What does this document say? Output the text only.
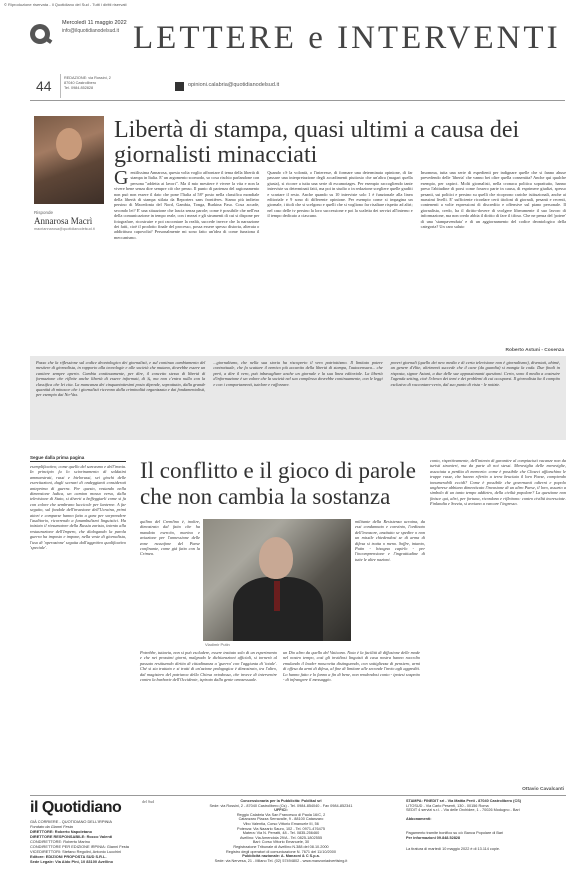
© Riproduzione riservata - Il Quotidiano del Sud - Tutti i diritti riservati
Mercoledì 11 maggio 2022
info@ilquotidianodelsud.it LETTERE e INTERVENTI
44	REDAZIONE: via Rossini, 2
87040 Castrolibero
Tel. 0984.852828	opinioni.calabria@quotidianodelsud.it
Risponde
Annarosa Macrì
macriannarosa@quotidianodelsud.it
Libertà di stampa, quasi ultimi a causa dei giornalisti minacciati
G entilissima Annarosa, questa volta voglio affrontare il tema della libertà di stampa in Italia. E' un argomento scomodo, so cosa rischio parlandone con persona "addetta ai lavori". Ma il mio mestiere è vivere la vita e non la vivere bene senza dire sempre ciò che penso. Il punto di partenza del ragionamento non può non essere il dato che pone l'Italia al 58° posto nella classifica mondiale della libertà di stampa stilata da Reporters sans frontières. Siamo più indietro persino di Macedonia del Nord, Gambia, Tonga, Burkina Faso. Cosa accade, secondo lei? E' una situazione che lascia senza parole; come è possibile che nell'era della comunicazione in tempo reale, con i mezzi e gli strumenti di cui si dispone per fotografare, ricostruire e poi raccontare la realtà, succede invece che la narrazione dei fatti, cioè il prodotto finale del processo, possa essere spesso distorta, alterata o addirittura capovolta? Personalmente mi sono fatto un'idea di come funziona il meccanismo.
Quando c'è la volontà, o l'interesse, di formare una determinata opinione, di far passare una interpretazione degli accadimenti piuttosto che un'altra (magari quella giusta), si ricorre a tutta una serie di escamotages. Per esempio raccogliendo tante interviste su determinati fatti, ma poi in studio o in redazione scegliere quelle graditi e scartare il resto. Anche quando su 10 interviste solo 1 è funzionale alla linea editoriale e 9 sono di differente opinione. Per esempio come si impagina un giornale, i titoli che si scelgono e quelli che si vogliono far risaltare rispetto ad altri; nel caso delle tv persino la loro successione e poi la scaletta dei servizi all'interno e il tempo dedicato a ciascuno.
Insomma, tutta una serie di espedienti per indignare quelle che si fanno ahuse prevedendo delle 'liberta' che vanno bei oltre quella consentita? Anche qui qualche esempio, per capirci. Molti giornalisti, nella cronaca politica soprattutto, hanno preso l'abitudine di porsi come fossero parte in causa, di esprimere giudizi, spesso pesanti, sui politici e persino su quelli che ricoprono cariche istituzionali, anche ai massimi livelli. E' sufficiente ricordare certi titoloni di giornali, pesanti e recenti, contenenti a volte espressioni di discredito e offensive sul piano personale. Il giornalista, credo, ha il diritto-dovere di svolgere liberamente il suo lavoro di informazione, ma non credo abbia il diritto di fare il tifoso. Che ne pensa del 'potere' di una 'stampavenduta' e di un aggiornamento del codice deontologico della categoria? Un caro saluto
Roberto Astuni - Cosenza
Passo che la riflessione sul codice deontologico dei giornalisti, e sul continuo cambiamento del mestiere di giornalista, in rapporto alla tecnologie e alle società che mutano, dovrebbe essere un cantiere sempre aperto. Cambia continuamente, per dire, il concetto stesso di libertà di formazione che riflette anche libertà di essere informati, di ¾, ma non c'entra nulla con la classifica che lei cita. La mancanza dei cinquantottesimi posto dipende, soprattutto, dalla grande quantità di minacce che i giornalisti ricevono dalla criminalità organizzata e dai fondamentalisti, per esempio dai No-Vax.
...giornalismo, che nella sua storia ha riscoperto il vero patriottismo. Il limitato potere contrattuale, che fa scattare il nemico più accanito della libertà di stampa, l'autocensura... che però, a dire il vero, può inbavagliare anche un giornale e la sua linea editoriale. La libertà d'informazione è un valore che la società nel suo complesso dovrebbe continuamente, con le leggi e con i comportamenti, tutelare e rafforzare.
poveri giornali (quello dei new media e di certa televisione non è giornalismo), diventati, ahimè, un genere d'élite, altrimenti succede che il cane (da guardia) si mangia la coda. Due finali in risposta, signor Astuni, a due delle sue appassionanti questioni. Certo, sono il media a costruire l'agenda setting, cioè l'elenco dei temi e dei problemi di cui occuparsi. Il giornalista ha il compito esclusivo di raccontare-certo, dal suo punto di vista - le notizie.
Segue dalla prima pagina
esemplificativo; come quello del sarcasmo e dell'ironia. In principio fu lo sciorinamento di soldatini ammaestrati, russi e bielorussi, sei giochi delle esercitazioni, dagli scenari di ondeggianti considerati anteprima di guerra. Per questo, restando nella dimensione ludica, un camion mosso verso, dalla televisione di Stato, si diverti a beffeggiarli come si fa con colore che sembrano luccicole per lanterne. A far seguito, sul fondale dell'invasione dell'Ucraina, primi attori e comparse hanno fatto a gara per sorprendere l'auditorio, ricorrendo a funambulismi linguistici. Ha iniziato il riesumatore della Russia zarista, intento alla restaurazione dell'Impero, che dialogando la parola guerra ha imposto e impone, nella veste di giornalista, l'uso di 'operazione' seguita dall'aggettivo qualificativo 'speciale'.
Il conflitto e il gioco di parole che non cambia la sostanza
quilino del Cremlino è, inoltre, dimostrato dal fatto che ha mandato esercito, marina e aviazione per l'annessione delle zone russofone del Paese confinante, come già fatto con la Crimea.
Vladimir Putin
militante della Resistenza ucraina, da essi condannato e convinto, l'ordinato dell'invasore, anzitutto se spedire o non un missile chiedendosi se di arma di difesa si tratta o meno. Soffre, intanto, Putin - bisogna capirlo - per l'incomprensione e l'ingratitudine di tutte le altre nazioni.
Potrebbe, tuttavia, non si può escludere, essere trattato solo di un esperimento e che nei prossimi giorni, malgrado le dichiarazioni ufficiali, si tornerà al passato restituendo diritto di cittadinanza a 'guerra' con l'aggiunta di 'totale'. Ché si sia trattato e si tratti di un'azione pedagogica è dimostrato, tra l'altro, dal magistero del patriarca della Chiesa ortodossa, che invece di intervenire contro la barbarie dell'Occidente, ispirato dalla gente omosessuale.
un Dio altro da quello del Vaticano. Nota è la facilità di diffusione delle mode nel nostro tempo, così gli invidiosi linguisti di casa nostra hanno raccolto emulando il leader moscovita distinguendo, con sottigliezza di pensiero, armi di offesa da armi di difesa, al fine di limitare alle seconde l'invio agli aggrediti. Lo hanno fatto e lo fanno a fin di bene, non rendendosi conto - ipotesi sospetto - di infrangere il messaggio.
conto, rispettivamente, dell'intento di garantire al compiaciuti vacanze non da turisti stranieri, ma da parte di noi stessi. Meraviglia delle meraviglie, associata a perdita di memoria: come è possibile che Closeci affianchino le truppe russe, che hanno riferito a terra bruciata il loro Paese, compiendo innumerabili eccidi? Come è possibile che governanti odierni e popolo ungherese abbiano dimenticato l'invasione di un altro Paese, il loro, assurto a simbolo di un tanto tempo addietro, della civiltà popolare? La questione non finisce qui, altri, per fortuna, ricordano e riflettono: contro civiltà incresciate. Finlandia e Svezia, si avviano a varcare l'ingresso.
Ottavio Cavalcanti
il Quotidiano	del Sud
GIÀ CORRIERE - QUOTIDIANO DELL'IRPINIA
Fondato da Gianni Festa
DIRETTORE: Roberto Napoletano
DIRETTORE RESPONSABILE: Rocco Valenti
CONDIRETTORE: Roberto Marino
CONDIRETTORE PER EDIZIONE IRPINIA: Gianni Festa
VICEDIRETTORI: Stefano Regolini, Antonio Lucchini
Editore: EDIZIONI PROPOSTA SUD S.R.L.
Sede Legale: Via Aldo Pini, 10 83100 Avellino
Concessionaria per la Pubblicità: Publikal srl
Sede: via Rossini, 2 - 87040 Castrolibero (Cs) - Tel. 0984-854040 - Fax 0984-852341
UFFICI:
Reggio Calabria Via San Francesco di Paola 16/C, 2
Catanzaro Piazza Serravalle, 9 - 88100 Catanzaro
Vibo Valentia, Corso Vittorio Emanuele III, 56
Potenza: Via Nazario Sauro, 102 - Tel. 0971-476475
Matera: Via N. Perratti, 48 - Tel. 0835-256460
Avellino: Via Amendola 29/A - Tel. 0825-1802555
Bari: Corso Vittorio Emanuele, 30
Registrazione Tribunale di Avellino N.388 del 08.10.2000
Registro degli operatori di comunicazione N. 7671 del 11/10/2000
Pubblicità nazionale: A. Manzoni & C S.p.a.
Sede: via Nervesa, 21 - Milano Tel. (02) 57494802 - www.manzoniadvertising.it
STAMPA: FINEDIT srl - Via Mattia Preti - 87040 Castrolibero (CS)
LITOSUD - Via Carlo Pesenti, 130 - 00156 Roma
SEDIT 4 servizi s.r.l. - Via delle Orchidee, 1 - 70026 Modugno - Bari
Abbonamenti:
Pagamento tramite bonifico su c/c Banca Popolare di Bari
Per informazioni 09.848.52828
La tiratura di martedì 10 maggio 2022 è di 13.114 copie.
